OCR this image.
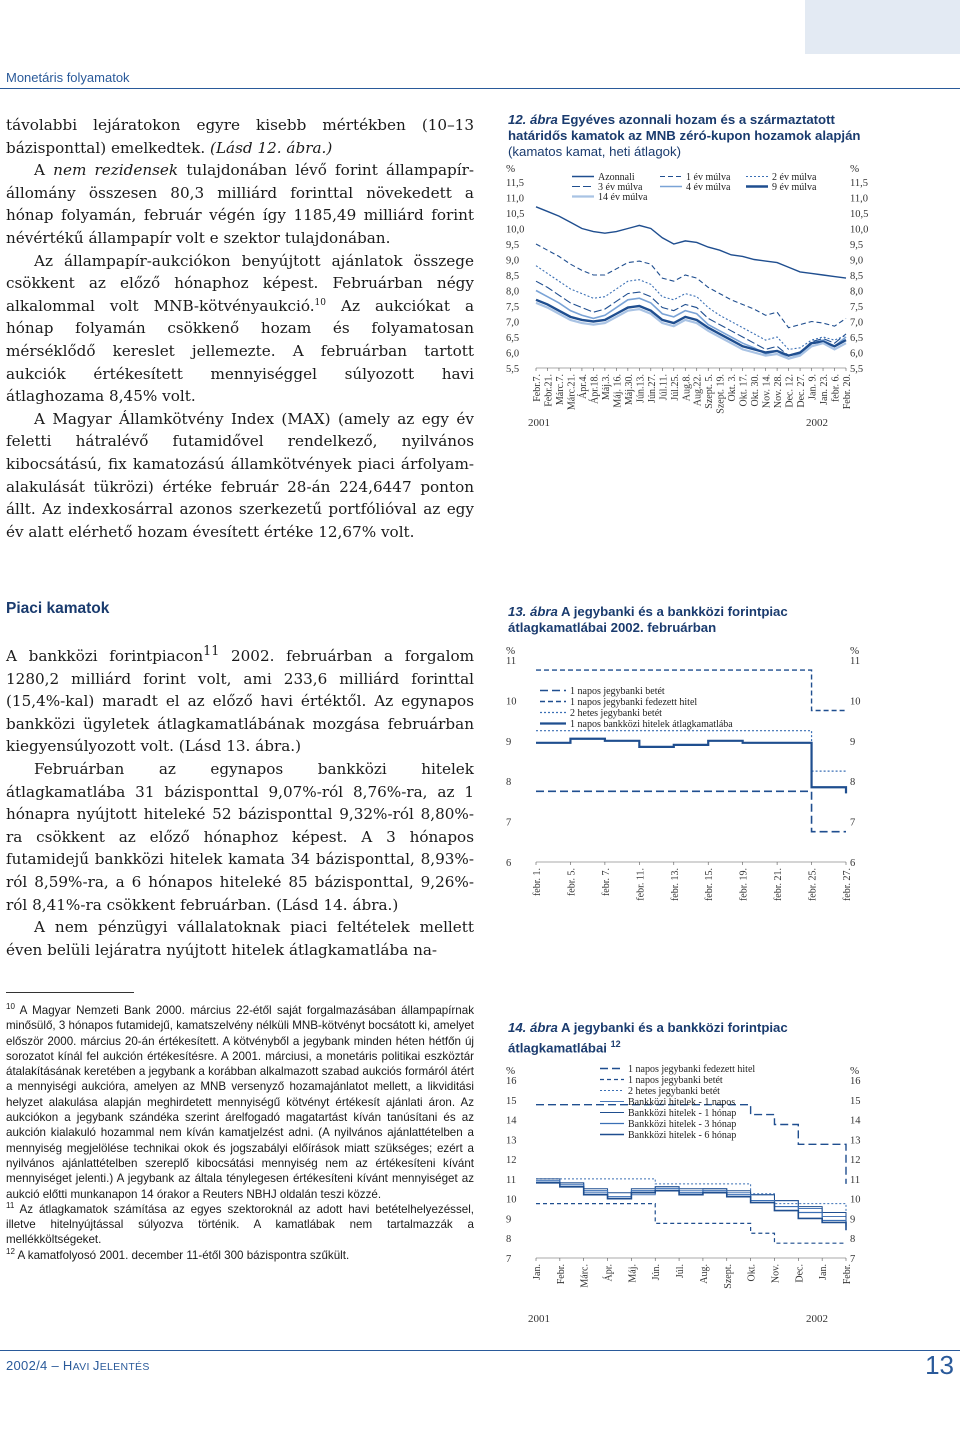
Monetáris folyamatok

távolabbi lejáratokon egyre kisebb mértékben (10–13 bázisponttal) emelkedtek. (Lásd 12. ábra.)

A nem rezidensek tulajdonában lévő forint állampapír-állomány összesen 80,3 milliárd forinttal növekedett a hónap folyamán, február végén így 1185,49 milliárd forint névértékű állampapír volt e szektor tulajdonában.

Az állampapír-aukciókon benyújtott ajánlatok összege csökkent az előző hónaphoz képest. Februárban négy alkalommal volt MNB-kötvényaukció.$^{10}$ Az aukciókat a hónap folyamán csökkenő hozam és folyamatosan mérséklődő kereslet jellemezte. A februárban tartott aukciók értékesített mennyiséggel súlyozott havi átlaghozama 8,45% volt.

A Magyar Államkötvény Index (MAX) (amely az egy év feletti hátralévő futamidővel rendelkező, nyilvános kibocsátású, fix kamatozású államkötvények piaci árfolyam-alakulását tükrözi) értéke február 28-án 224,6447 ponton állt. Az indexkosárral azonos szerkezetű portfólióval az egy év alatt elérhető hozam évesített értéke 12,67% volt.

Piaci kamatok

A bankközi forintpiacon$^{11}$ 2002. februárban a forgalom 1280,2 milliárd forint volt, ami 233,6 milliárd forinttal (15,4%-kal) maradt el az előző havi értéktől. Az egynapos bankközi ügyletek átlagkamatlábának mozgása februárban kiegyensúlyozott volt. (Lásd 13. ábra.)

Februárban az egynapos bankközi hitelek átlagkamatlába 31 bázisponttal 9,07%-ról 8,76%-ra, az 1 hónapra nyújtott hiteleké 52 bázisponttal 9,32%-ról 8,80%-ra csökkent az előző hónaphoz képest. A 3 hónapos futamidejű bankközi hitelek kamata 34 bázisponttal, 8,93%-ról 8,59%-ra, a 6 hónapos hiteleké 85 bázisponttal, 9,26%-ról 8,41%-ra csökkent februárban. (Lásd 14. ábra.)

A nem pénzügyi vállalatoknak piaci feltételek mellett éven belüli lejáratra nyújtott hitelek átlagkamatlába na-

$^{10}$ A Magyar Nemzeti Bank 2000. március 22-étől saját forgalmazásában állampapírnak minősülő, 3 hónapos futamidejű, kamatszelvény nélküli MNB-kötvényt bocsátott ki, amelyet először 2000. március 20-án értékesített. A kötvényből a jegybank minden héten hétfőn új sorozatot kínál fel aukción értékesítésre. A 2001. márciusi, a monetáris politikai eszköztár átalakításának keretében a jegybank a korábban alkalmazott szabad aukciós formáról átért a mennyiségi aukcióra, amelyen az MNB versenyző hozamajánlatot mellett, a likviditási helyzet alakulása alapján meghirdetett mennyiségű kötvényt értékesít ajánlati áron. Az aukciókon a jegybank szándéka szerint árelfogadó magatartást kíván tanúsítani és az aukción kialakuló hozammal nem kíván kamatjelzést adni. (A nyilvános ajánlattételben a mennyiség megjelölése technikai okok és jogszabályi előírások miatt szükséges; ezért a nyilvános ajánlattételben szereplő kibocsátási mennyiség nem az értékesíteni kívánt mennyiséget jelenti.) A jegybank az általa ténylegesen értékesíteni kívánt mennyiséget az aukció előtti munkanapon 14 órakor a Reuters NBHJ oldalán teszi közzé.

$^{11}$ Az átlagkamatok számítása az egyes szektoroknál az adott havi betételhelyezéssel, illetve hitelnyújtással súlyozva történik. A kamatlábak nem tartalmazzák a mellékköltségeket.

$^{12}$ A kamatfolyosó 2001. december 11-étől 300 bázispontra szűkült.

12. ábra Egyéves azonnali hozam és a származtatott határidős kamatok az MNB zéró-kupon hozamok alapján (kamatos kamat, heti átlagok)
13. ábra A jegybanki és a bankközi forintpiac átlagkamatlábai 2002. februárban
14. ábra A jegybanki és a bankközi forintpiac átlagkamatlábai $^{12}$
%	%
11,5	11,5
11,0	11,0
10,5	10,5
10,0	10,0
9,5	9,5
9,0	9,0
8,5	8,5
8,0	8,0
7,5	7,5
7,0	7,0
6,5	6,5
6,0	6,0
5,5	5,5
Febr.7. Febr.21. Márc.7. Márc.21. Ápr.4. Ápr.18. Máj.3. Máj. 16. Máj.30. Jún.13. Jún.27. Júl.11. Júl.25. Aug.8. Aug.22. Szept. 5. Szept. 19. Okt. 3. Okt. 17. Okt. 30. Nov. 14. Nov. 28. Dec. 12. Dec. 27. Jan. 9. Jan. 23. febr. 6. Febr. 20.
2001	2002
Azonnali	1 év múlva	2 év múlva
3 év múlva	4 év múlva	9 év múlva
14 év múlva
%	%
11	11
10	10
9	9
8	8
7	7
6	6
febr. 1. febr. 5. febr. 7. febr. 11. febr. 13. febr. 15. febr. 19. febr. 21. febr. 25. febr. 27.
1 napos jegybanki betét
1 napos jegybanki fedezett hitel
2 hetes jegybanki betét
1 napos bankközi hitelek átlagkamatlába
%	%
16	16
15	15
14	14
13	13
12	12
11	11
10	10
9	9
8	8
7	7
Jan. Febr. Márc. Ápr. Máj. Jún. Júl. Aug. Szept. Okt. Nov. Dec. Jan. Febr.
2001	2002
1 napos jegybanki fedezett hitel
1 napos jegybanki betét
2 hetes jegybanki betét
Bankközi hitelek - 1 napos
Bankközi hitelek - 1 hónap
Bankközi hitelek - 3 hónap
Bankközi hitelek - 6 hónap
2002/4 – HAVI JELENTÉS	13
